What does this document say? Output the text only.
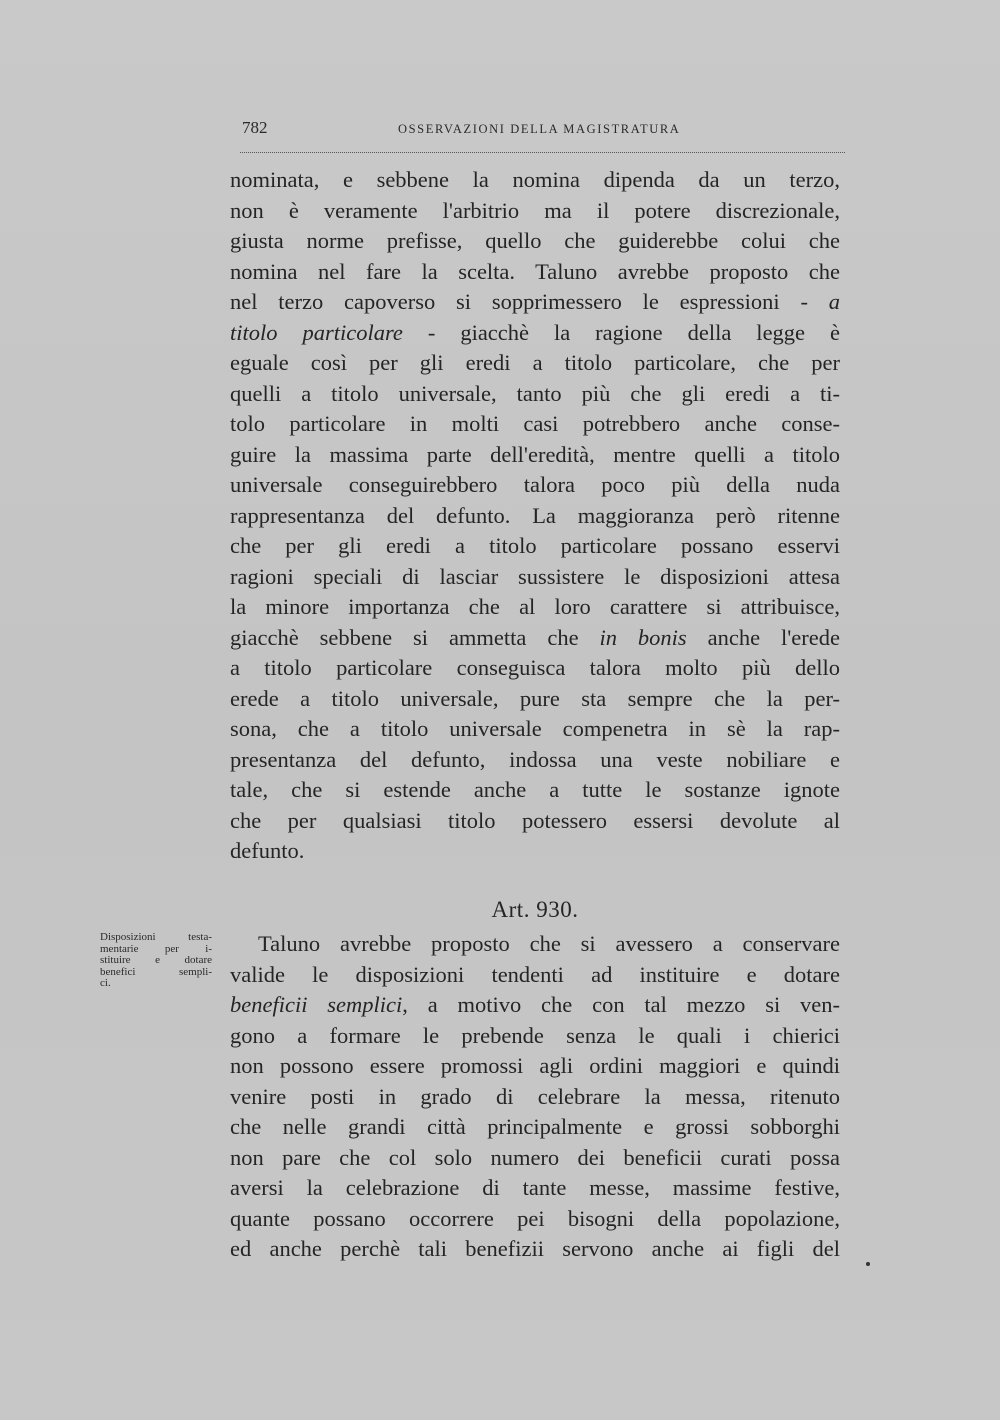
782	OSSERVAZIONI DELLA MAGISTRATURA
nominata, e sebbene la nomina dipenda da un terzo,
non è veramente l'arbitrio ma il potere discrezionale,
giusta norme prefisse, quello che guiderebbe colui che
nomina nel fare la scelta. Taluno avrebbe proposto che
nel terzo capoverso si sopprimessero le espressioni - a
titolo particolare - giacchè la ragione della legge è
eguale così per gli eredi a titolo particolare, che per
quelli a titolo universale, tanto più che gli eredi a ti-
tolo particolare in molti casi potrebbero anche conse-
guire la massima parte dell'eredità, mentre quelli a titolo
universale conseguirebbero talora poco più della nuda
rappresentanza del defunto. La maggioranza però ritenne
che per gli eredi a titolo particolare possano esservi
ragioni speciali di lasciar sussistere le disposizioni attesa
la minore importanza che al loro carattere si attribuisce,
giacchè sebbene si ammetta che in bonis anche l'erede
a titolo particolare conseguisca talora molto più dello
erede a titolo universale, pure sta sempre che la per-
sona, che a titolo universale compenetra in sè la rap-
presentanza del defunto, indossa una veste nobiliare e
tale, che si estende anche a tutte le sostanze ignote
che per qualsiasi titolo potessero essersi devolute al
defunto.
Art. 930.
Disposizioni testa-
mentarie per i-
stituire e dotare
benefici sempli-
ci.
Taluno avrebbe proposto che si avessero a conservare
valide le disposizioni tendenti ad instituire e dotare
beneficii semplici, a motivo che con tal mezzo si ven-
gono a formare le prebende senza le quali i chierici
non possono essere promossi agli ordini maggiori e quindi
venire posti in grado di celebrare la messa, ritenuto
che nelle grandi città principalmente e grossi sobborghi
non pare che col solo numero dei beneficii curati possa
aversi la celebrazione di tante messe, massime festive,
quante possano occorrere pei bisogni della popolazione,
ed anche perchè tali benefizii servono anche ai figli del
